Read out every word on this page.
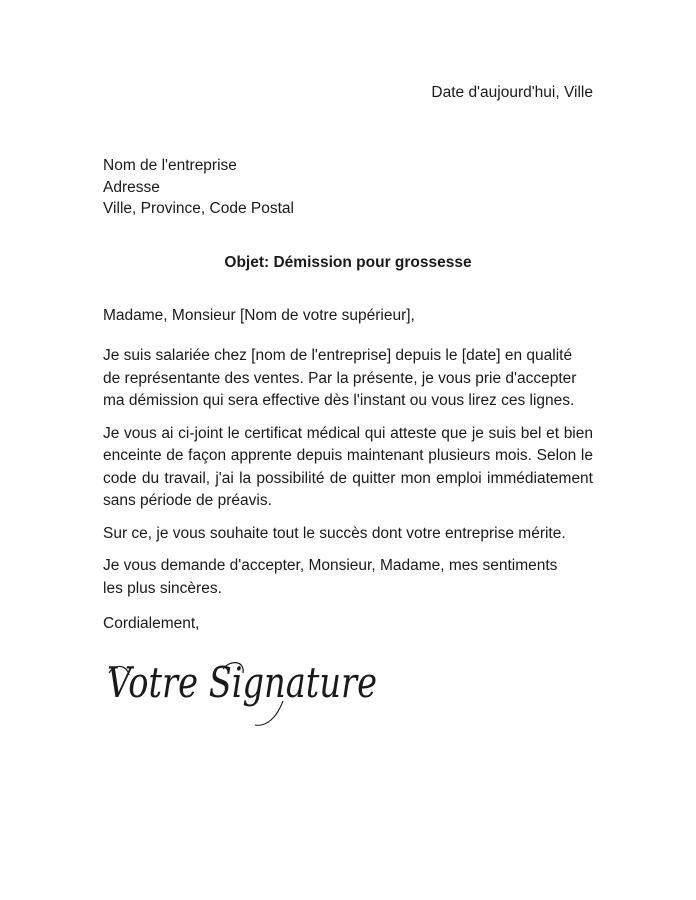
Date d'aujourd'hui, Ville
Nom de l'entreprise
Adresse
Ville, Province, Code Postal
Objet: Démission pour grossesse
Madame, Monsieur [Nom de votre supérieur],

Je suis salariée chez [nom de l'entreprise] depuis le [date] en qualité de représentante des ventes. Par la présente, je vous prie d'accepter ma démission qui sera effective dès l'instant ou vous lirez ces lignes.

Je vous ai ci-joint le certificat médical qui atteste que je suis bel et bien enceinte de façon apprente depuis maintenant plusieurs mois. Selon le code du travail, j'ai la possibilité de quitter mon emploi immédiatement sans période de préavis.

Sur ce, je vous souhaite tout le succès dont votre entreprise mérite.

Je vous demande d'accepter, Monsieur, Madame, mes sentiments les plus sincères.

Cordialement,
Votre Signature
